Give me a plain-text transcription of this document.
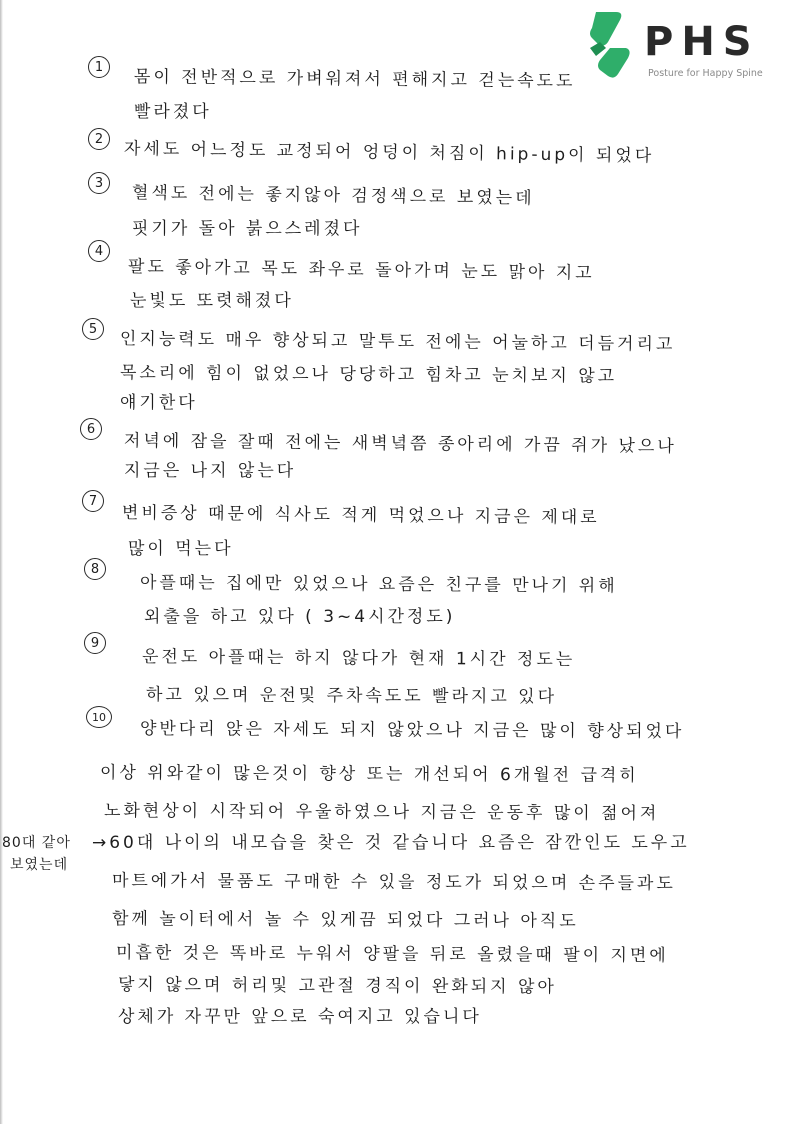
PHS
Posture for Happy Spine
1	몸이 전반적으로 가벼워져서 편해지고 걷는속도도
빨라졌다
2	자세도 어느정도 교정되어 엉덩이 처짐이 hip-up이 되었다
3	혈색도 전에는 좋지않아 검정색으로 보였는데
핏기가 돌아 붉으스레졌다
4
팔도 좋아가고 목도 좌우로 돌아가며 눈도 맑아 지고
눈빛도 또렷해졌다
5	인지능력도 매우 향상되고 말투도 전에는 어눌하고 더듬거리고
목소리에 힘이 없었으나 당당하고 힘차고 눈치보지 않고
얘기한다
6
저녁에 잠을 잘때 전에는 새벽녘쯤 종아리에 가끔 쥐가 났으나
지금은 나지 않는다
7
변비증상 때문에 식사도 적게 먹었으나 지금은 제대로
많이 먹는다
8
아플때는 집에만 있었으나 요즘은 친구를 만나기 위해
외출을 하고 있다 ( 3~4시간정도)
9
운전도 아플때는 하지 않다가 현재 1시간 정도는
하고 있으며 운전및 주차속도도 빨라지고 있다
10
양반다리 앉은 자세도 되지 않았으나 지금은 많이 향상되었다
이상 위와같이 많은것이 향상 또는 개선되어 6개월전 급격히
노화현상이 시작되어 우울하였으나 지금은 운동후 많이 젊어져
80대 같아 →60대 나이의 내모습을 찾은 것 같습니다 요즘은 잠깐인도 도우고
보였는데
마트에가서 물품도 구매한 수 있을 정도가 되었으며 손주들과도
함께 놀이터에서 놀 수 있게끔 되었다 그러나 아직도
미흡한 것은 똑바로 누워서 양팔을 뒤로 올렸을때 팔이 지면에
닿지 않으며 허리및 고관절 경직이 완화되지 않아
상체가 자꾸만 앞으로 숙여지고 있습니다
